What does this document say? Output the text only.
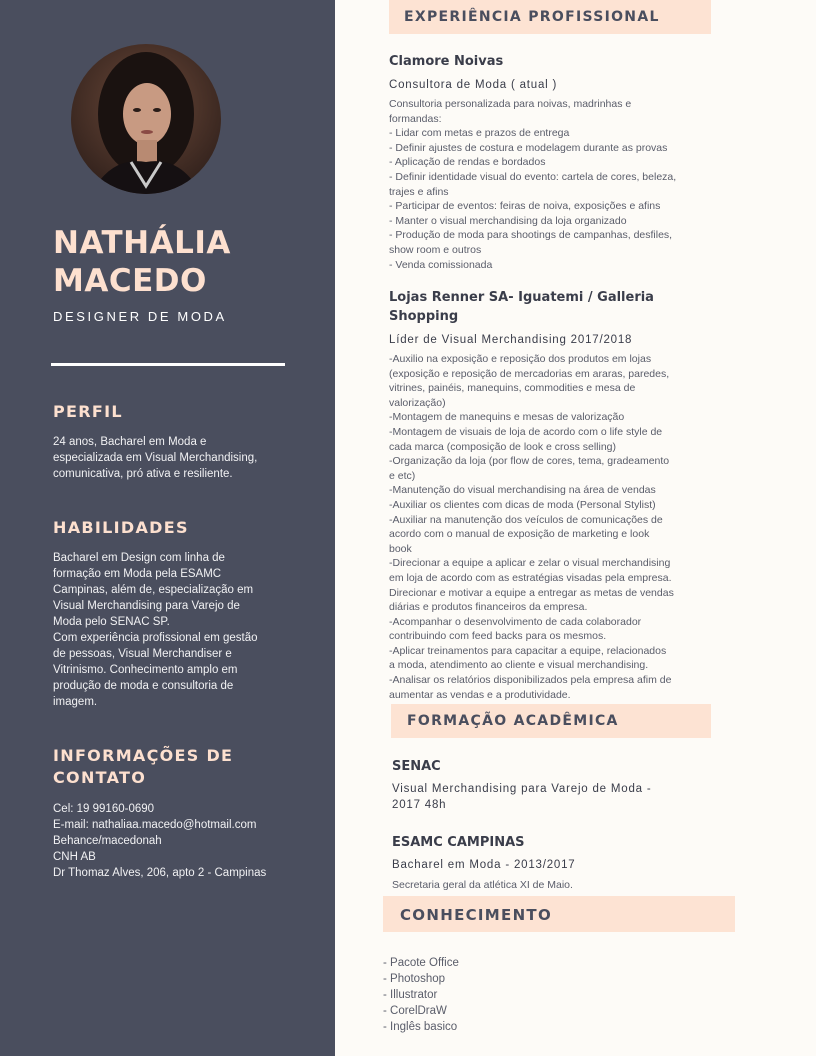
NATHÁLIA
MACEDO
DESIGNER DE MODA
PERFIL
24 anos, Bacharel em Moda e
especializada em Visual Merchandising,
comunicativa, pró ativa e resiliente.
HABILIDADES
Bacharel em Design com linha de
formação em Moda pela ESAMC
Campinas, além de, especialização em
Visual Merchandising para Varejo de
Moda pelo SENAC SP.
Com experiência profissional em gestão
de pessoas, Visual Merchandiser e
Vitrinismo. Conhecimento amplo em
produção de moda e consultoria de
imagem.
INFORMAÇÕES DE
CONTATO
Cel: 19 99160-0690
E-mail: nathaliaa.macedo@hotmail.com
Behance/macedonah
CNH AB
Dr Thomaz Alves, 206, apto 2 - Campinas
EXPERIÊNCIA PROFISSIONAL
Clamore Noivas
Consultora de Moda ( atual )
Consultoria personalizada para noivas, madrinhas e
formandas:
- Lidar com metas e prazos de entrega
- Definir ajustes de costura e modelagem durante as provas
- Aplicação de rendas e bordados
- Definir identidade visual do evento: cartela de cores, beleza,
trajes e afins
- Participar de eventos: feiras de noiva, exposições e afins
- Manter o visual merchandising da loja organizado
- Produção de moda para shootings de campanhas, desfiles,
show room e outros
- Venda comissionada
Lojas Renner SA- Iguatemi / Galleria
Shopping
Líder de Visual Merchandising 2017/2018
-Auxilio na exposição e reposição dos produtos em lojas
(exposição e reposição de mercadorias em araras, paredes,
vitrines, painéis, manequins, commodities e mesa de
valorização)
-Montagem de manequins e mesas de valorização
-Montagem de visuais de loja de acordo com o life style de
cada marca (composição de look e cross selling)
-Organização da loja (por flow de cores, tema, gradeamento
e etc)
-Manutenção do visual merchandising na área de vendas
-Auxiliar os clientes com dicas de moda (Personal Stylist)
-Auxiliar na manutenção dos veículos de comunicações de
acordo com o manual de exposição de marketing e look
book
-Direcionar a equipe a aplicar e zelar o visual merchandising
em loja de acordo com as estratégias visadas pela empresa.
Direcionar e motivar a equipe a entregar as metas de vendas
diárias e produtos financeiros da empresa.
-Acompanhar o desenvolvimento de cada colaborador
contribuindo com feed backs para os mesmos.
-Aplicar treinamentos para capacitar a equipe, relacionados
a moda, atendimento ao cliente e visual merchandising.
-Analisar os relatórios disponibilizados pela empresa afim de
aumentar as vendas e a produtividade.
FORMAÇÃO ACADÊMICA
SENAC
Visual Merchandising para Varejo de Moda -
2017 48h
ESAMC CAMPINAS
Bacharel em Moda - 2013/2017
Secretaria geral da atlética XI de Maio.
CONHECIMENTO
- Pacote Office
- Photoshop
- Illustrator
- CorelDraW
- Inglês basico
